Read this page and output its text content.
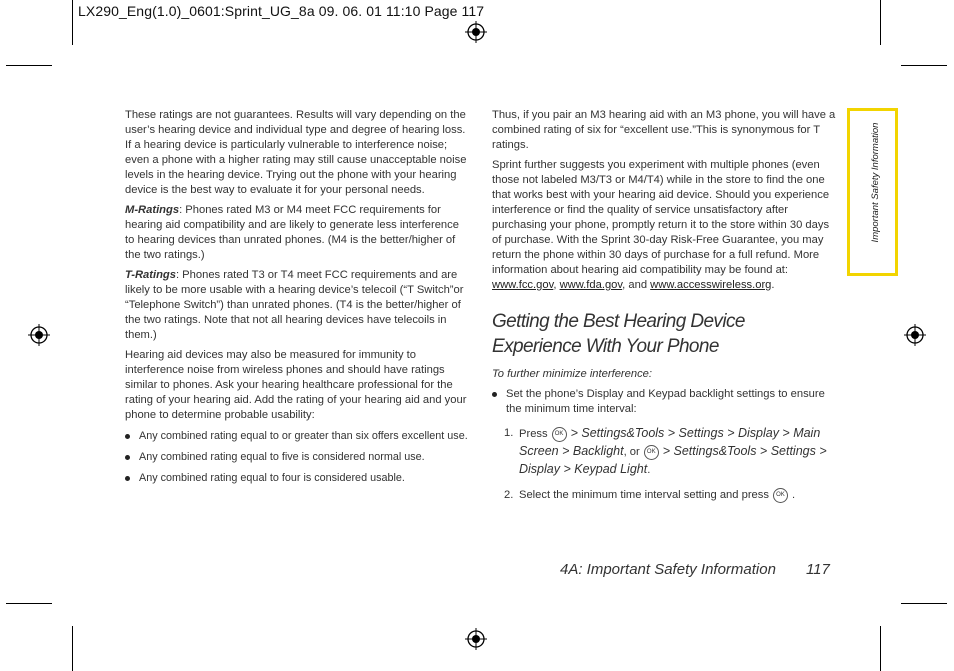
LX290_Eng(1.0)_0601:Sprint_UG_8a 09. 06. 01 11:10 Page 117

These ratings are not guarantees. Results will vary depending on the user’s hearing device and individual type and degree of hearing loss. If a hearing device is particularly vulnerable to interference noise; even a phone with a higher rating may still cause unacceptable noise levels in the hearing device. Trying out the phone with your hearing device is the best way to evaluate it for your personal needs.

M-Ratings: Phones rated M3 or M4 meet FCC requirements for hearing aid compatibility and are likely to generate less interference to hearing devices than unrated phones. (M4 is the better/higher of the two ratings.)

T-Ratings: Phones rated T3 or T4 meet FCC requirements and are likely to be more usable with a hearing device’s telecoil (“T Switch”or “Telephone Switch”) than unrated phones. (T4 is the better/higher of the two ratings. Note that not all hearing devices have telecoils in them.)

Hearing aid devices may also be measured for immunity to interference noise from wireless phones and should have ratings similar to phones. Ask your hearing healthcare professional for the rating of your hearing aid. Add the rating of your hearing aid and your phone to determine probable usability:

Any combined rating equal to or greater than six offers excellent use.
Any combined rating equal to five is considered normal use.
Any combined rating equal to four is considered usable.

Thus, if you pair an M3 hearing aid with an M3 phone, you will have a combined rating of six for “excellent use.”This is synonymous for T ratings.

Sprint further suggests you experiment with multiple phones (even those not labeled M3/T3 or M4/T4) while in the store to find the one that works best with your hearing aid device. Should you experience interference or find the quality of service unsatisfactory after purchasing your phone, promptly return it to the store within 30 days of purchase. With the Sprint 30-day Risk-Free Guarantee, you may return the phone within 30 days of purchase for a full refund. More information about hearing aid compatibility may be found at: www.fcc.gov, www.fda.gov, and www.accesswireless.org.

Getting the Best Hearing Device
Experience With Your Phone

To further minimize interference:

Set the phone’s Display and Keypad backlight settings to ensure the minimum time interval:
1. Press OK > Settings&Tools > Settings > Display > Main Screen > Backlight, or OK > Settings&Tools > Settings > Display > Keypad Light.
2. Select the minimum time interval setting and press OK .
Important Safety Information
4A: Important Safety Information 117
